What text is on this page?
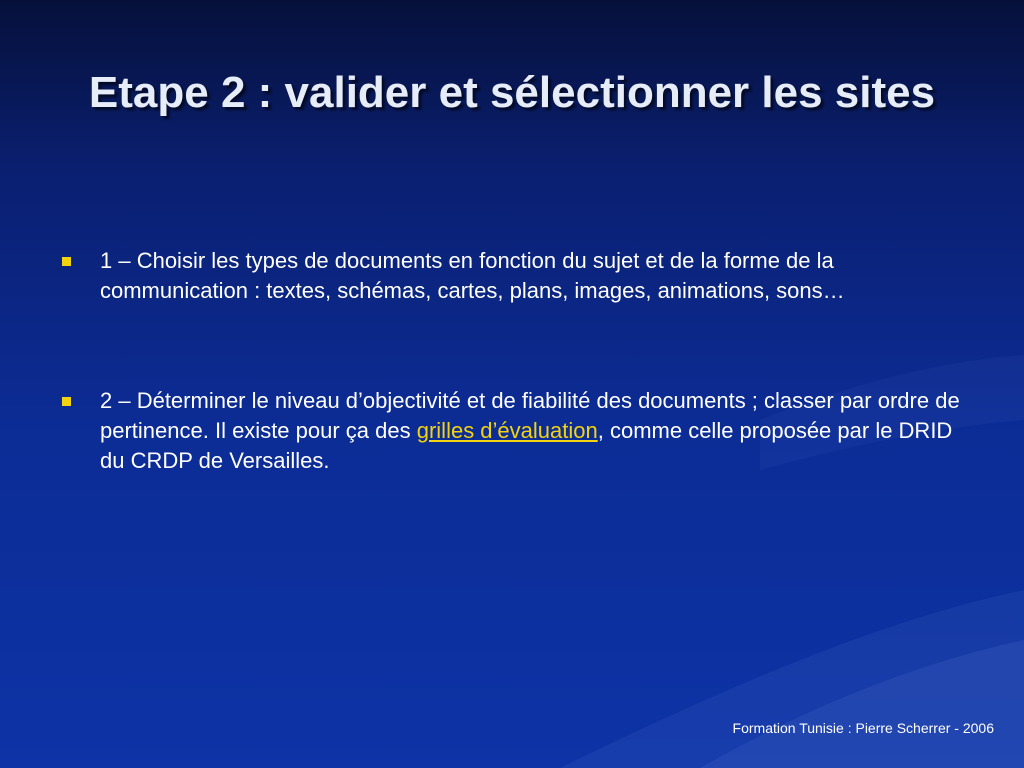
Etape 2 : valider et sélectionner les sites
1 – Choisir les types de documents en fonction du sujet et de la forme de la communication : textes, schémas, cartes, plans, images, animations, sons…
2 – Déterminer le niveau d’objectivité et de fiabilité des documents ; classer par ordre de pertinence. Il existe pour ça des grilles d’évaluation, comme celle proposée par le DRID du CRDP de Versailles.
Formation Tunisie : Pierre Scherrer - 2006
